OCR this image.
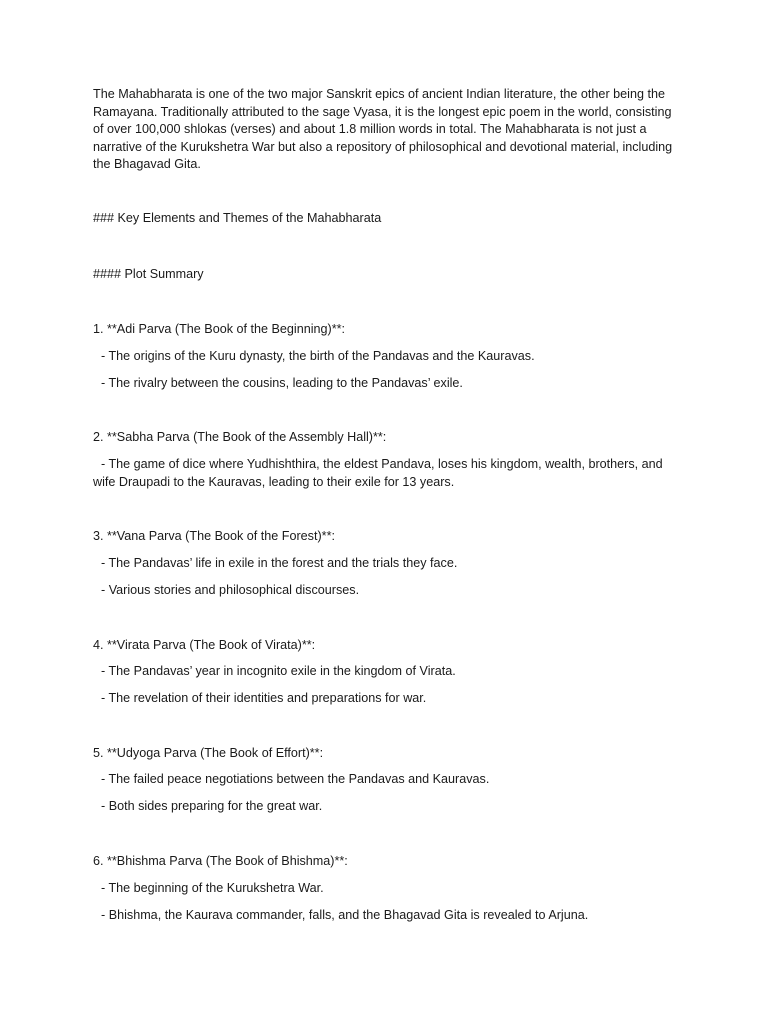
The Mahabharata is one of the two major Sanskrit epics of ancient Indian literature, the other being the Ramayana. Traditionally attributed to the sage Vyasa, it is the longest epic poem in the world, consisting of over 100,000 shlokas (verses) and about 1.8 million words in total. The Mahabharata is not just a narrative of the Kurukshetra War but also a repository of philosophical and devotional material, including the Bhagavad Gita.

### Key Elements and Themes of the Mahabharata

#### Plot Summary

1. **Adi Parva (The Book of the Beginning)**:

- The origins of the Kuru dynasty, the birth of the Pandavas and the Kauravas.

- The rivalry between the cousins, leading to the Pandavas’ exile.

2. **Sabha Parva (The Book of the Assembly Hall)**:

- The game of dice where Yudhishthira, the eldest Pandava, loses his kingdom, wealth, brothers, and wife Draupadi to the Kauravas, leading to their exile for 13 years.

3. **Vana Parva (The Book of the Forest)**:

- The Pandavas’ life in exile in the forest and the trials they face.

- Various stories and philosophical discourses.

4. **Virata Parva (The Book of Virata)**:

- The Pandavas’ year in incognito exile in the kingdom of Virata.

- The revelation of their identities and preparations for war.

5. **Udyoga Parva (The Book of Effort)**:

- The failed peace negotiations between the Pandavas and Kauravas.

- Both sides preparing for the great war.

6. **Bhishma Parva (The Book of Bhishma)**:

- The beginning of the Kurukshetra War.

- Bhishma, the Kaurava commander, falls, and the Bhagavad Gita is revealed to Arjuna.
